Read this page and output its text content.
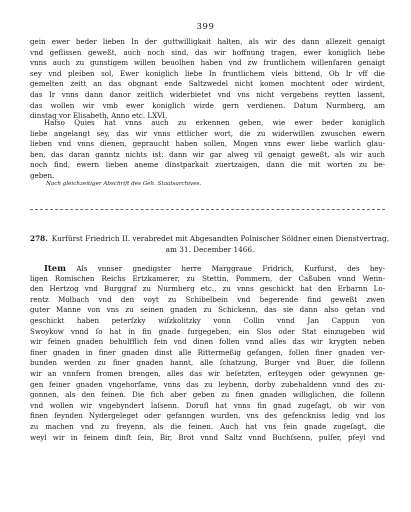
399
gein ewer beder lieben In der guttwilligkait halten, als wir des dann allezeit genaigt
vnd geflissen geweßt, auch noch sind, das wir hoffnung tragen, ewer koniglich liebe
vnns auch zu gunstigem willen beuolhen haben vnd zw fruntlichem willenfaren genaigt
sey vnd pleiben sol, Ewer koniglich liebe In fruntlichem vleis bittend, Ob Ir vff die
gemelten zeitt an das obgnant ende Saltzwedel nicht komen mochtent oder wirdent,
das Ir vnns dann danor zeitlich widerbietet vnd vns nicht vergebens reytten lassent,
das wollen wir vmb ewer koniglich wirde gern verdienen. Datum Nurmberg, am
dinstag vor Elisabeth, Anno etc. LXVI.
Hafso Quies hat vnns auch zu erkennen geben, wie ewer beder koniglich
liebe angelangt sey, das wir vnns ettlicher wort, die zu widerwillen zwuschen ewern
lieben vnd vnns dienen, gepraucht haben sollen, Mogen vnns ewer liebe warlich glau-
ben, das daran ganntz nichts ist: dann wir gar alweg vil genaigt geweßt, als wir auch
noch find, ewern lieben aneme dinstparkait zuertzaigen, dann die mit worten zu be-
geben.
Nach gleichzeitiger Abschrift des Geh. Staatsarchives.
278. Kurfürst Friedrich II. verabredet mit Abgesandten Polnischer Söldner einen Dienstvertrag,
am 31. December 1466.
Item Als vnnser gnedigster herre Marggraue Fridrich, Kurfurst, des hey-
ligen Romischen Reichs Ertzkamerer, zu Stettin, Pommern, der Caßuben vnnd Wenn-
den Hertzog vnd Burggraf zu Nurmberg etc., zu vnns geschickt hat den Erbarnn Lo-
rentz Molbach vnd den voyt zu Schibelbein vnd begerende find geweßt zwen
guter Manne von vns zu seinen gnaden zu Schickenn, das sie dann also getan vnd
geschickt haben peterſzky wiſzkolitzky vonn Collin vnnd Jan Cappun von
Swoykow vnnd ſo hat in fin gnade furgegeben, ein Slos oder Stat einzugeben wid
wir feinen gnaden behulfflich fein vnd dinen follen vnnd alles das wir krygten neben
finer gnaden in finer gnaden dinst alle Rittermeßig gefangen, follen finer gnaden ver-
bunden werden zu finer gnaden hannt, alle ſchatzung, Burger vnd Buer, die follenn
wir an vnnfern fromen brengen, alles das wir beſetzten, erſteygen oder gewynnen ge-
gen feiner gnaden vngehorfame, vnns das zu leybenn, dorby zubehaldenn vnnd des zu-
gonnen, als den feinen. Die fich aber geben zu finen gnaden williglichen, die follenn
vnd wollen wir vngebyndert laſsenn. Dorufl hat vnns fin gnad zugeſagt, ob wir von
finen feynden Nydergeleget oder gefanngen wurden, vns des gefenckniss ledig vnd los
zu machen vnd zu freyenn, als die feinen. Auch hat vns fein gnade zugeſagt, die
weyl wir in feinem dinſt ſein, Bir, Brot vnnd Saltz vnnd Buchſsenn, pulſer, pfeyl vnd
